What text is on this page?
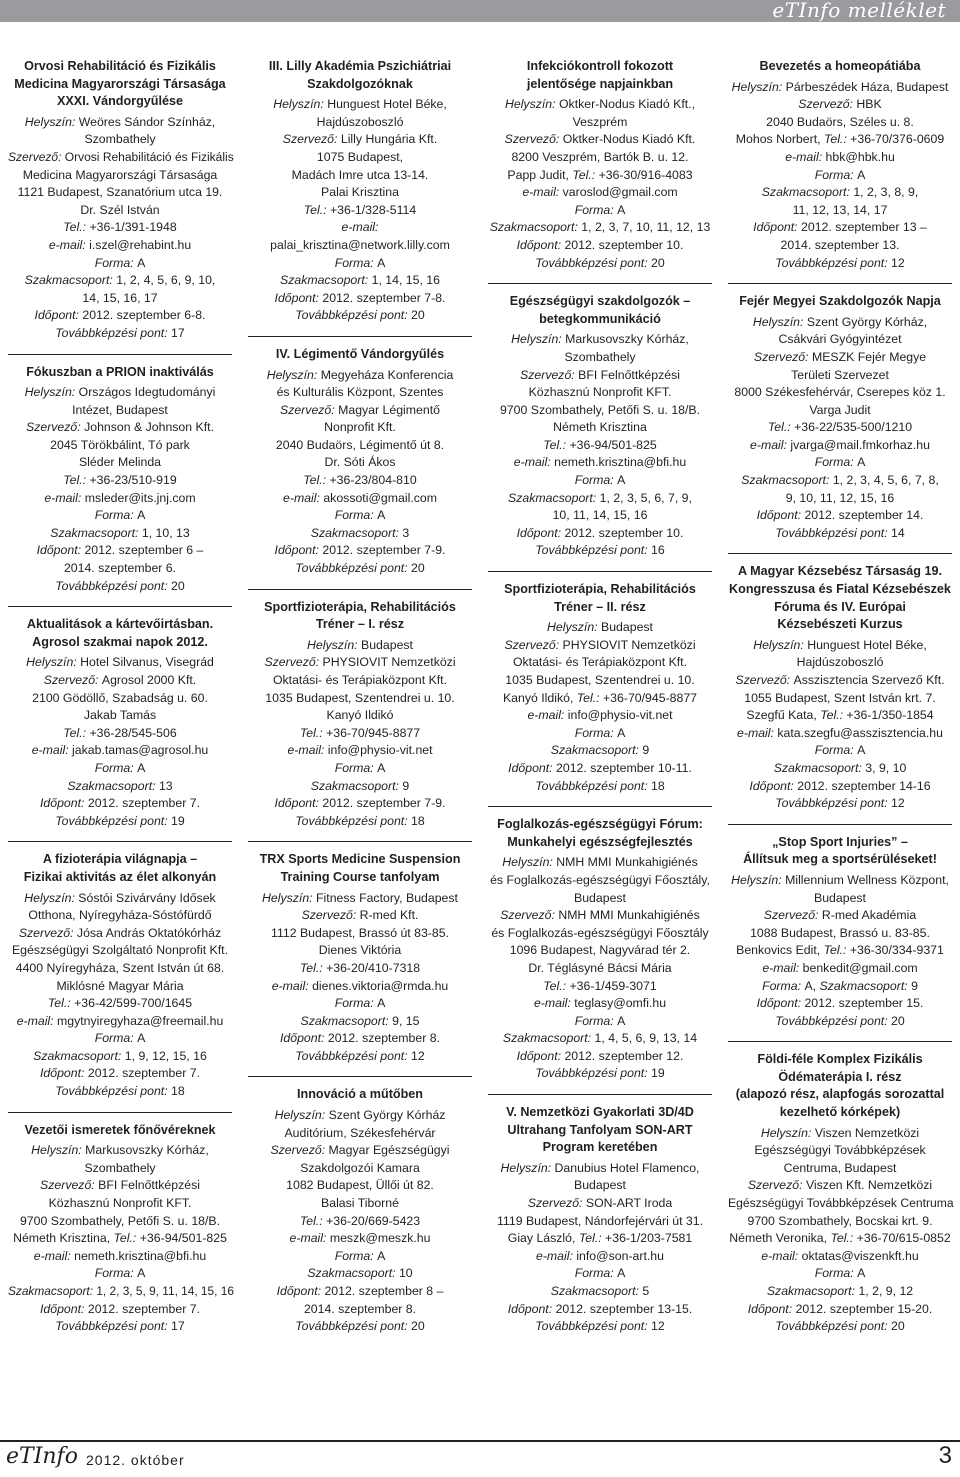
eTInfo melléklet
Orvosi Rehabilitáció és Fizikális
Medicina Magyarországi Társasága
XXXI. Vándorgyűlése
Helyszín: Weöres Sándor Színház,
Szombathely
Szervező: Orvosi Rehabilitáció és Fizikális
Medicina Magyarországi Társasága
1121 Budapest, Szanatórium utca 19.
Dr. Szél István
Tel.: +36-1/391-1948
e-mail: i.szel@rehabint.hu
Forma: A
Szakmacsoport: 1, 2, 4, 5, 6, 9, 10,
14, 15, 16, 17
Időpont: 2012. szeptember 6-8.
Továbbképzési pont: 17
Fókuszban a PRION inaktiválás
Helyszín: Országos Idegtudományi
Intézet, Budapest
Szervező: Johnson & Johnson Kft.
2045 Törökbálint, Tó park
Sléder Melinda
Tel.: +36-23/510-919
e-mail: msleder@its.jnj.com
Forma: A
Szakmacsoport: 1, 10, 13
Időpont: 2012. szeptember 6 –
2014. szeptember 6.
Továbbképzési pont: 20
Aktualitások a kártevőirtásban.
Agrosol szakmai napok 2012.
Helyszín: Hotel Silvanus, Visegrád
Szervező: Agrosol 2000 Kft.
2100 Gödöllő, Szabadság u. 60.
Jakab Tamás
Tel.: +36-28/545-506
e-mail: jakab.tamas@agrosol.hu
Forma: A
Szakmacsoport: 13
Időpont: 2012. szeptember 7.
Továbbképzési pont: 19
A fizioterápia világnapja –
Fizikai aktivitás az élet alkonyán
Helyszín: Sóstói Szivárvány Idősek
Otthona, Nyíregyháza-Sóstófürdő
Szervező: Jósa András Oktatókórház
Egészségügyi Szolgáltató Nonprofit Kft.
4400 Nyíregyháza, Szent István út 68.
Miklósné Magyar Mária
Tel.: +36-42/599-700/1645
e-mail: mgytnyiregyhaza@freemail.hu
Forma: A
Szakmacsoport: 1, 9, 12, 15, 16
Időpont: 2012. szeptember 7.
Továbbképzési pont: 18
Vezetői ismeretek főnővéreknek
Helyszín: Markusovszky Kórház,
Szombathely
Szervező: BFI Felnőttképzési
Közhasznú Nonprofit KFT.
9700 Szombathely, Petőfi S. u. 18/B.
Németh Krisztina, Tel.: +36-94/501-825
e-mail: nemeth.krisztina@bfi.hu
Forma: A
Szakmacsoport: 1, 2, 3, 5, 9, 11, 14, 15, 16
Időpont: 2012. szeptember 7.
Továbbképzési pont: 17
III. Lilly Akadémia Pszichiátriai
Szakdolgozóknak
Helyszín: Hunguest Hotel Béke,
Hajdúszoboszló
Szervező: Lilly Hungária Kft.
1075 Budapest,
Madách Imre utca 13-14.
Palai Krisztina
Tel.: +36-1/328-5114
e-mail:
palai_krisztina@network.lilly.com
Forma: A
Szakmacsoport: 1, 14, 15, 16
Időpont: 2012. szeptember 7-8.
Továbbképzési pont: 20
IV. Légimentő Vándorgyűlés
Helyszín: Megyeháza Konferencia
és Kulturális Központ, Szentes
Szervező: Magyar Légimentő
Nonprofit Kft.
2040 Budaörs, Légimentő út 8.
Dr. Sóti Ákos
Tel.: +36-23/804-810
e-mail: akossoti@gmail.com
Forma: A
Szakmacsoport: 3
Időpont: 2012. szeptember 7-9.
Továbbképzési pont: 20
Sportfizioterápia, Rehabilitációs
Tréner – I. rész
Helyszín: Budapest
Szervező: PHYSIOVIT Nemzetközi
Oktatási- és Terápiaközpont Kft.
1035 Budapest, Szentendrei u. 10.
Kanyó Ildikó
Tel.: +36-70/945-8877
e-mail: info@physio-vit.net
Forma: A
Szakmacsoport: 9
Időpont: 2012. szeptember 7-9.
Továbbképzési pont: 18
TRX Sports Medicine Suspension
Training Course tanfolyam
Helyszín: Fitness Factory, Budapest
Szervező: R-med Kft.
1112 Budapest, Brassó út 83-85.
Dienes Viktória
Tel.: +36-20/410-7318
e-mail: dienes.viktoria@rmda.hu
Forma: A
Szakmacsoport: 9, 15
Időpont: 2012. szeptember 8.
Továbbképzési pont: 12
Innováció a műtőben
Helyszín: Szent György Kórház
Auditórium, Székesfehérvár
Szervező: Magyar Egészségügyi
Szakdolgozói Kamara
1082 Budapest, Üllői út 82.
Balasi Tiborné
Tel.: +36-20/669-5423
e-mail: meszk@meszk.hu
Forma: A
Szakmacsoport: 10
Időpont: 2012. szeptember 8 –
2014. szeptember 8.
Továbbképzési pont: 20
Infekciókontroll fokozott
jelentősége napjainkban
Helyszín: Oktker-Nodus Kiadó Kft.,
Veszprém
Szervező: Oktker-Nodus Kiadó Kft.
8200 Veszprém, Bartók B. u. 12.
Papp Judit, Tel.: +36-30/916-4083
e-mail: varoslod@gmail.com
Forma: A
Szakmacsoport: 1, 2, 3, 7, 10, 11, 12, 13
Időpont: 2012. szeptember 10.
Továbbképzési pont: 20
Egészségügyi szakdolgozók –
betegkommunikáció
Helyszín: Markusovszky Kórház,
Szombathely
Szervező: BFI Felnőttképzési
Közhasznú Nonprofit KFT.
9700 Szombathely, Petőfi S. u. 18/B.
Németh Krisztina
Tel.: +36-94/501-825
e-mail: nemeth.krisztina@bfi.hu
Forma: A
Szakmacsoport: 1, 2, 3, 5, 6, 7, 9,
10, 11, 14, 15, 16
Időpont: 2012. szeptember 10.
Továbbképzési pont: 16
Sportfizioterápia, Rehabilitációs
Tréner – II. rész
Helyszín: Budapest
Szervező: PHYSIOVIT Nemzetközi
Oktatási- és Terápiaközpont Kft.
1035 Budapest, Szentendrei u. 10.
Kanyó Ildikó, Tel.: +36-70/945-8877
e-mail: info@physio-vit.net
Forma: A
Szakmacsoport: 9
Időpont: 2012. szeptember 10-11.
Továbbképzési pont: 18
Foglalkozás-egészségügyi Fórum:
Munkahelyi egészségfejlesztés
Helyszín: NMH MMI Munkahigiénés
és Foglalkozás-egészségügyi Főosztály,
Budapest
Szervező: NMH MMI Munkahigiénés
és Foglalkozás-egészségügyi Főosztály
1096 Budapest, Nagyvárad tér 2.
Dr. Téglásyné Bácsi Mária
Tel.: +36-1/459-3071
e-mail: teglasy@omfi.hu
Forma: A
Szakmacsoport: 1, 4, 5, 6, 9, 13, 14
Időpont: 2012. szeptember 12.
Továbbképzési pont: 19
V. Nemzetközi Gyakorlati 3D/4D
Ultrahang Tanfolyam SON-ART
Program keretében
Helyszín: Danubius Hotel Flamenco,
Budapest
Szervező: SON-ART Iroda
1119 Budapest, Nándorfejérvári út 31.
Giay László, Tel.: +36-1/203-7581
e-mail: info@son-art.hu
Forma: A
Szakmacsoport: 5
Időpont: 2012. szeptember 13-15.
Továbbképzési pont: 12
Bevezetés a homeopátiába
Helyszín: Párbeszédek Háza, Budapest
Szervező: HBK
2040 Budaörs, Széles u. 8.
Mohos Norbert, Tel.: +36-70/376-0609
e-mail: hbk@hbk.hu
Forma: A
Szakmacsoport: 1, 2, 3, 8, 9,
11, 12, 13, 14, 17
Időpont: 2012. szeptember 13 –
2014. szeptember 13.
Továbbképzési pont: 12
Fejér Megyei Szakdolgozók Napja
Helyszín: Szent György Kórház,
Csákvári Gyógyintézet
Szervező: MESZK Fejér Megye
Területi Szervezet
8000 Székesfehérvár, Cserepes köz 1.
Varga Judit
Tel.: +36-22/535-500/1210
e-mail: jvarga@mail.fmkorhaz.hu
Forma: A
Szakmacsoport: 1, 2, 3, 4, 5, 6, 7, 8,
9, 10, 11, 12, 15, 16
Időpont: 2012. szeptember 14.
Továbbképzési pont: 14
A Magyar Kézsebész Társaság 19.
Kongresszusa és Fiatal Kézsebészek
Fóruma és IV. Európai
Kézsebészeti Kurzus
Helyszín: Hunguest Hotel Béke,
Hajdúszoboszló
Szervező: Asszisztencia Szervező Kft.
1055 Budapest, Szent István krt. 7.
Szegfű Kata, Tel.: +36-1/350-1854
e-mail: kata.szegfu@asszisztencia.hu
Forma: A
Szakmacsoport: 3, 9, 10
Időpont: 2012. szeptember 14-16
Továbbképzési pont: 12
„Stop Sport Injuries” –
Állítsuk meg a sportsérüléseket!
Helyszín: Millennium Wellness Központ,
Budapest
Szervező: R-med Akadémia
1088 Budapest, Brassó u. 83-85.
Benkovics Edit, Tel.: +36-30/334-9371
e-mail: benkedit@gmail.com
Forma: A, Szakmacsoport: 9
Időpont: 2012. szeptember 15.
Továbbképzési pont: 20
Földi-féle Komplex Fizikális
Ödématerápia I. rész
(alapozó rész, alapfogás sorozattal
kezelhető kórképek)
Helyszín: Viszen Nemzetközi
Egészségügyi Továbbképzések
Centruma, Budapest
Szervező: Viszen Kft. Nemzetközi
Egészségügyi Továbbképzések Centruma
9700 Szombathely, Bocskai krt. 9.
Németh Veronika, Tel.: +36-70/615-0852
e-mail: oktatas@viszenkft.hu
Forma: A
Szakmacsoport: 1, 2, 9, 12
Időpont: 2012. szeptember 15-20.
Továbbképzési pont: 20
eTInfo 2012. október	3
